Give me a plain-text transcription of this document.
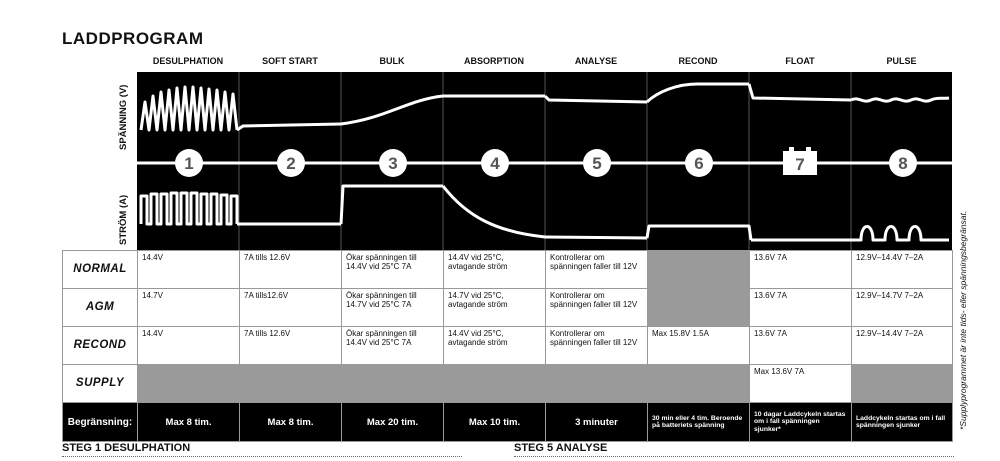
LADDPROGRAM
DESULPHATION	SOFT START	BULK	ABSORPTION	ANALYSE	RECOND	FLOAT	PULSE
SPÄNNING (V)
STRÖM (A)
1	2	3	4	5	6	7	8
NORMAL	14.4V	7A tills 12.6V	Ökar spänningen till 14.4V vid 25°C 7A	14.4V vid 25°C, avtagande ström	Kontrollerar om spänningen faller till 12V		13.6V 7A	12.9V–14.4V 7–2A
AGM	14.7V	7A tills12.6V	Ökar spänningen till 14.7V vid 25°C 7A	14.7V vid 25°C, avtagande ström	Kontrollerar om spänningen faller till 12V		13.6V 7A	12.9V–14.7V 7–2A
RECOND	14.4V	7A tills 12.6V	Ökar spänningen till 14.4V vid 25°C 7A	14.4V vid 25°C, avtagande ström	Kontrollerar om spänningen faller till 12V	Max 15.8V 1.5A	13.6V 7A	12.9V–14.4V 7–2A
SUPPLY							Max 13.6V 7A	
Begränsning:	Max 8 tim.	Max 8 tim.	Max 20 tim.	Max 10 tim.	3 minuter	30 min eller 4 tim. Beroende på batteriets spänning	10 dagar Laddcykeln startas om i fall spänningen sjunker*	Laddcykeln startas om i fall spänningen sjunker	*Supplyprogrammet är inte tids- eller spänningsbegränsat.
STEG 1 DESULPHATION	STEG 5 ANALYSE
